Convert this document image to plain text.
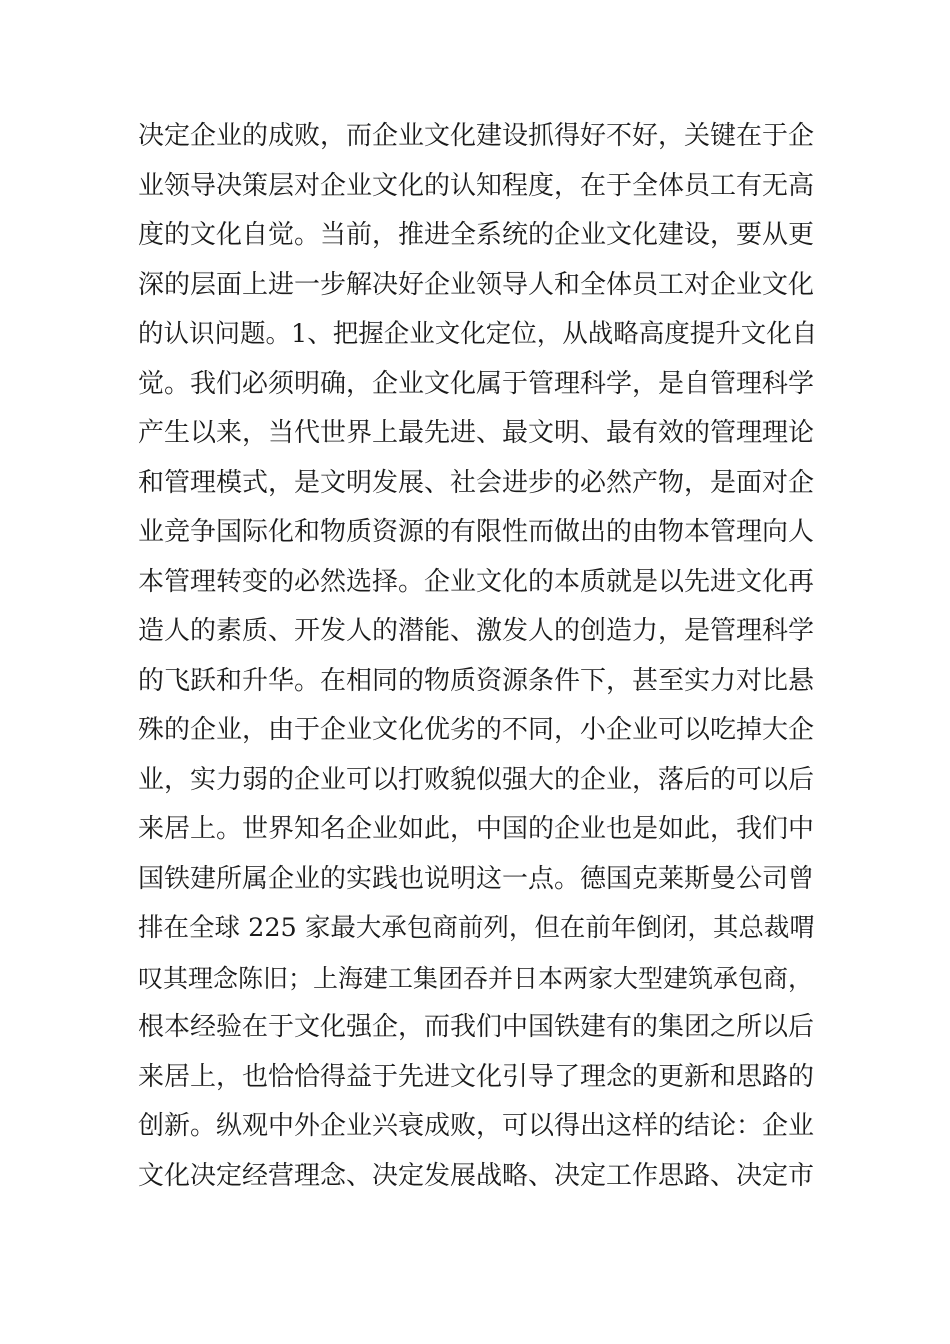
决定企业的成败，而企业文化建设抓得好不好，关键在于企
业领导决策层对企业文化的认知程度，在于全体员工有无高
度的文化自觉。当前，推进全系统的企业文化建设，要从更
深的层面上进一步解决好企业领导人和全体员工对企业文化
的认识问题。1、把握企业文化定位，从战略高度提升文化自
觉。我们必须明确，企业文化属于管理科学，是自管理科学
产生以来，当代世界上最先进、最文明、最有效的管理理论
和管理模式，是文明发展、社会进步的必然产物，是面对企
业竞争国际化和物质资源的有限性而做出的由物本管理向人
本管理转变的必然选择。企业文化的本质就是以先进文化再
造人的素质、开发人的潜能、激发人的创造力，是管理科学
的飞跃和升华。在相同的物质资源条件下，甚至实力对比悬
殊的企业，由于企业文化优劣的不同，小企业可以吃掉大企
业，实力弱的企业可以打败貌似强大的企业，落后的可以后
来居上。世界知名企业如此，中国的企业也是如此，我们中
国铁建所属企业的实践也说明这一点。德国克莱斯曼公司曾
排在全球 225 家最大承包商前列，但在前年倒闭，其总裁喟
叹其理念陈旧；上海建工集团吞并日本两家大型建筑承包商，
根本经验在于文化强企，而我们中国铁建有的集团之所以后
来居上，也恰恰得益于先进文化引导了理念的更新和思路的
创新。纵观中外企业兴衰成败，可以得出这样的结论：企业
文化决定经营理念、决定发展战略、决定工作思路、决定市
